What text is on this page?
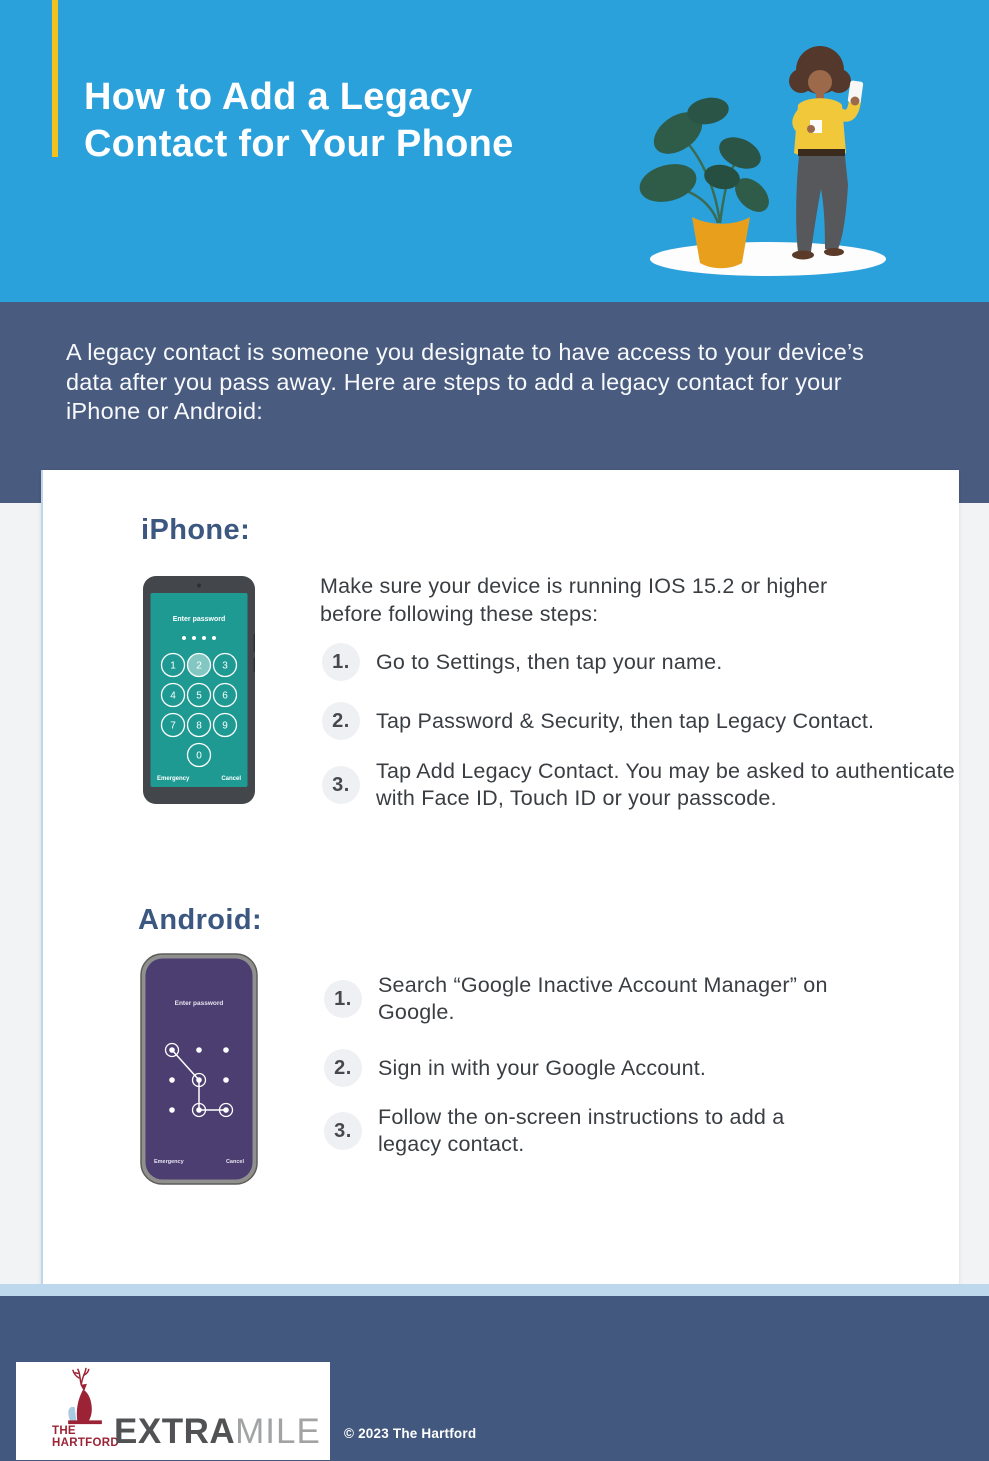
How to Add a Legacy Contact for Your Phone

A legacy contact is someone you designate to have access to your device’s data after you pass away. Here are steps to add a legacy contact for your iPhone or Android:

iPhone:
Enter password
1 2 3
4 5 6
7 8 9
0
Emergency	Cancel

Make sure your device is running IOS 15.2 or higher before following these steps:

1.	Go to Settings, then tap your name.
2.	Tap Password & Security, then tap Legacy Contact.
3.
Tap Add Legacy Contact. You may be asked to authenticate with Face ID, Touch ID or your passcode.
Android:
Enter password
Emergency	Cancel
1.
Search “Google Inactive Account Manager” on Google.
2.	Sign in with your Google Account.
3.
Follow the on-screen instructions to add a legacy contact.
THE
HARTFORD
EXTRAMILE © 2023 The Hartford
